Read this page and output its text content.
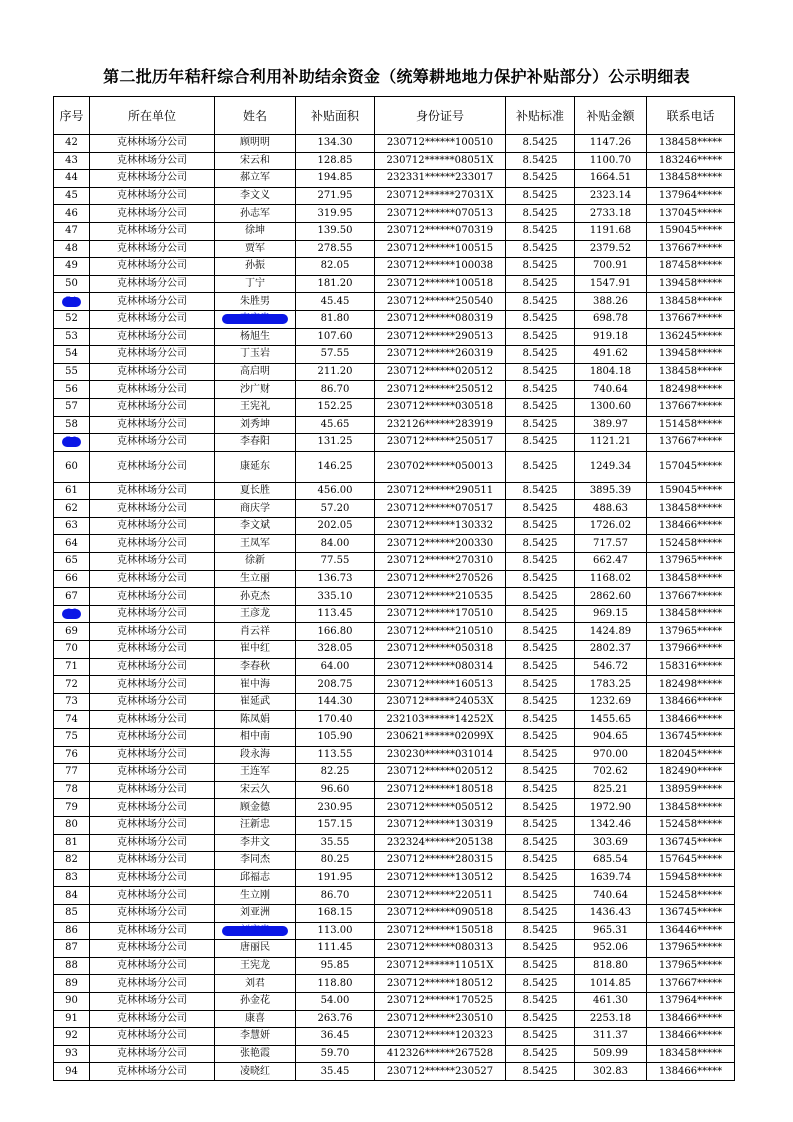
第二批历年秸秆综合利用补助结余资金（统筹耕地地力保护补贴部分）公示明细表
序号	所在单位	姓名	补贴面积	身份证号	补贴标准	补贴金额	联系电话
42	克林林场分公司	顾明明	134.30	230712******100510	8.5425	1147.26	138458*****
43	克林林场分公司	宋云和	128.85	230712******08051X	8.5425	1100.70	183246*****
44	克林林场分公司	郝立军	194.85	232331******233017	8.5425	1664.51	138458*****
45	克林林场分公司	李文义	271.95	230712******27031X	8.5425	2323.14	137964*****
46	克林林场分公司	孙志军	319.95	230712******070513	8.5425	2733.18	137045*****
47	克林林场分公司	徐坤	139.50	230712******070319	8.5425	1191.68	159045*****
48	克林林场分公司	贾军	278.55	230712******100515	8.5425	2379.52	137667*****
49	克林林场分公司	孙振	82.05	230712******100038	8.5425	700.91	187458*****
50	克林林场分公司	丁宁	181.20	230712******100518	8.5425	1547.91	139458*****
51	克林林场分公司	朱胜男	45.45	230712******250540	8.5425	388.26	138458*****
52	克林林场分公司	李宝贵	81.80	230712******080319	8.5425	698.78	137667*****
53	克林林场分公司	杨旭生	107.60	230712******290513	8.5425	919.18	136245*****
54	克林林场分公司	丁玉岩	57.55	230712******260319	8.5425	491.62	139458*****
55	克林林场分公司	高启明	211.20	230712******020512	8.5425	1804.18	138458*****
56	克林林场分公司	沙广财	86.70	230712******250512	8.5425	740.64	182498*****
57	克林林场分公司	王宪礼	152.25	230712******030518	8.5425	1300.60	137667*****
58	克林林场分公司	刘秀坤	45.65	232126******283919	8.5425	389.97	151458*****
59	克林林场分公司	李春阳	131.25	230712******250517	8.5425	1121.21	137667*****
60	克林林场分公司	康延东	146.25	230702******050013	8.5425	1249.34	157045*****
61	克林林场分公司	夏长胜	456.00	230712******290511	8.5425	3895.39	159045*****
62	克林林场分公司	商庆学	57.20	230712******070517	8.5425	488.63	138458*****
63	克林林场分公司	李文斌	202.05	230712******130332	8.5425	1726.02	138466*****
64	克林林场分公司	王凤军	84.00	230712******200330	8.5425	717.57	152458*****
65	克林林场分公司	徐新	77.55	230712******270310	8.5425	662.47	137965*****
66	克林林场分公司	生立丽	136.73	230712******270526	8.5425	1168.02	138458*****
67	克林林场分公司	孙克杰	335.10	230712******210535	8.5425	2862.60	137667*****
68	克林林场分公司	王彦龙	113.45	230712******170510	8.5425	969.15	138458*****
69	克林林场分公司	肖云祥	166.80	230712******210510	8.5425	1424.89	137965*****
70	克林林场分公司	崔中红	328.05	230712******050318	8.5425	2802.37	137966*****
71	克林林场分公司	李春秋	64.00	230712******080314	8.5425	546.72	158316*****
72	克林林场分公司	崔中海	208.75	230712******160513	8.5425	1783.25	182498*****
73	克林林场分公司	崔延武	144.30	230712******24053X	8.5425	1232.69	138466*****
74	克林林场分公司	陈凤娟	170.40	232103******14252X	8.5425	1455.65	138466*****
75	克林林场分公司	相中南	105.90	230621******02099X	8.5425	904.65	136745*****
76	克林林场分公司	段永海	113.55	230230******031014	8.5425	970.00	182045*****
77	克林林场分公司	王连军	82.25	230712******020512	8.5425	702.62	182490*****
78	克林林场分公司	宋云久	96.60	230712******180518	8.5425	825.21	138959*****
79	克林林场分公司	顾金德	230.95	230712******050512	8.5425	1972.90	138458*****
80	克林林场分公司	汪新忠	157.15	230712******130319	8.5425	1342.46	152458*****
81	克林林场分公司	李井文	35.55	232324******205138	8.5425	303.69	136745*****
82	克林林场分公司	李同杰	80.25	230712******280315	8.5425	685.54	157645*****
83	克林林场分公司	邱福志	191.95	230712******130512	8.5425	1639.74	159458*****
84	克林林场分公司	生立刚	86.70	230712******220511	8.5425	740.64	152458*****
85	克林林场分公司	刘亚洲	168.15	230712******090518	8.5425	1436.43	136745*****
86	克林林场分公司	刘宝贵	113.00	230712******150518	8.5425	965.31	136446*****
87	克林林场分公司	唐丽民	111.45	230712******080313	8.5425	952.06	137965*****
88	克林林场分公司	王宪龙	95.85	230712******11051X	8.5425	818.80	137965*****
89	克林林场分公司	刘君	118.80	230712******180512	8.5425	1014.85	137667*****
90	克林林场分公司	孙金花	54.00	230712******170525	8.5425	461.30	137964*****
91	克林林场分公司	康喜	263.76	230712******230510	8.5425	2253.18	138466*****
92	克林林场分公司	李慧妍	36.45	230712******120323	8.5425	311.37	138466*****
93	克林林场分公司	张艳霞	59.70	412326******267528	8.5425	509.99	183458*****
94	克林林场分公司	凌晓红	35.45	230712******230527	8.5425	302.83	138466*****
